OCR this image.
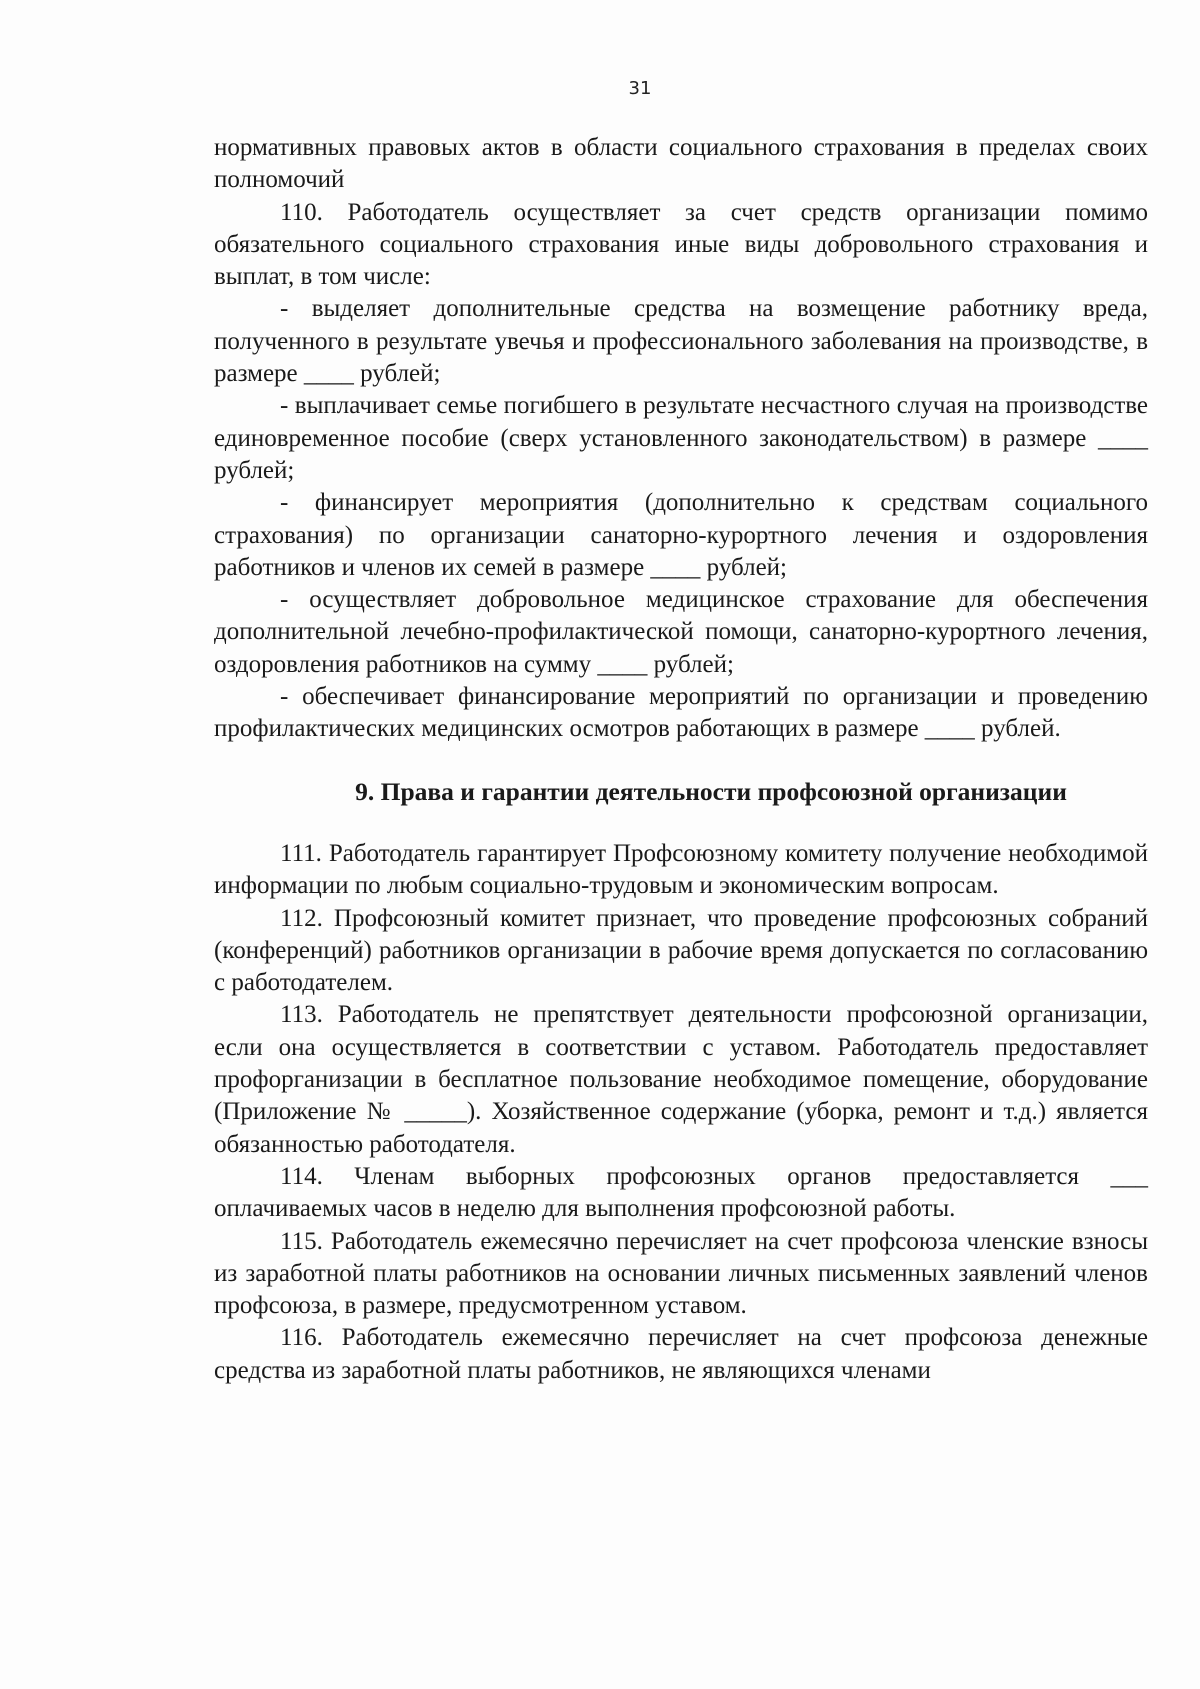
31

нормативных правовых актов в области социального страхования в пределах своих полномочий

110. Работодатель осуществляет за счет средств организации помимо обязательного социального страхования иные виды добровольного страхования и выплат, в том числе:

- выделяет дополнительные средства на возмещение работнику вреда, полученного в результате увечья и профессионального заболевания на производстве, в размере ____ рублей;

- выплачивает семье погибшего в результате несчастного случая на производстве единовременное пособие (сверх установленного законодательством) в размере ____ рублей;

- финансирует мероприятия (дополнительно к средствам социального страхования) по организации санаторно-курортного лечения и оздоровления работников и членов их семей в размере ____ рублей;

- осуществляет добровольное медицинское страхование для обеспечения дополнительной лечебно-профилактической помощи, санаторно-курортного лечения, оздоровления работников на сумму ____ рублей;

- обеспечивает финансирование мероприятий по организации и проведению профилактических медицинских осмотров работающих в размере ____ рублей.

9. Права и гарантии деятельности профсоюзной организации

111. Работодатель гарантирует Профсоюзному комитету получение необходимой информации по любым социально-трудовым и экономическим вопросам.

112. Профсоюзный комитет признает, что проведение профсоюзных собраний (конференций) работников организации в рабочие время допускается по согласованию с работодателем.

113. Работодатель не препятствует деятельности профсоюзной организации, если она осуществляется в соответствии с уставом. Работодатель предоставляет профорганизации в бесплатное пользование необходимое помещение, оборудование (Приложение № _____). Хозяйственное содержание (уборка, ремонт и т.д.) является обязанностью работодателя.

114. Членам выборных профсоюзных органов предоставляется ___ оплачиваемых часов в неделю для выполнения профсоюзной работы.

115. Работодатель ежемесячно перечисляет на счет профсоюза членские взносы из заработной платы работников на основании личных письменных заявлений членов профсоюза, в размере, предусмотренном уставом.

116. Работодатель ежемесячно перечисляет на счет профсоюза денежные средства из заработной платы работников, не являющихся членами
